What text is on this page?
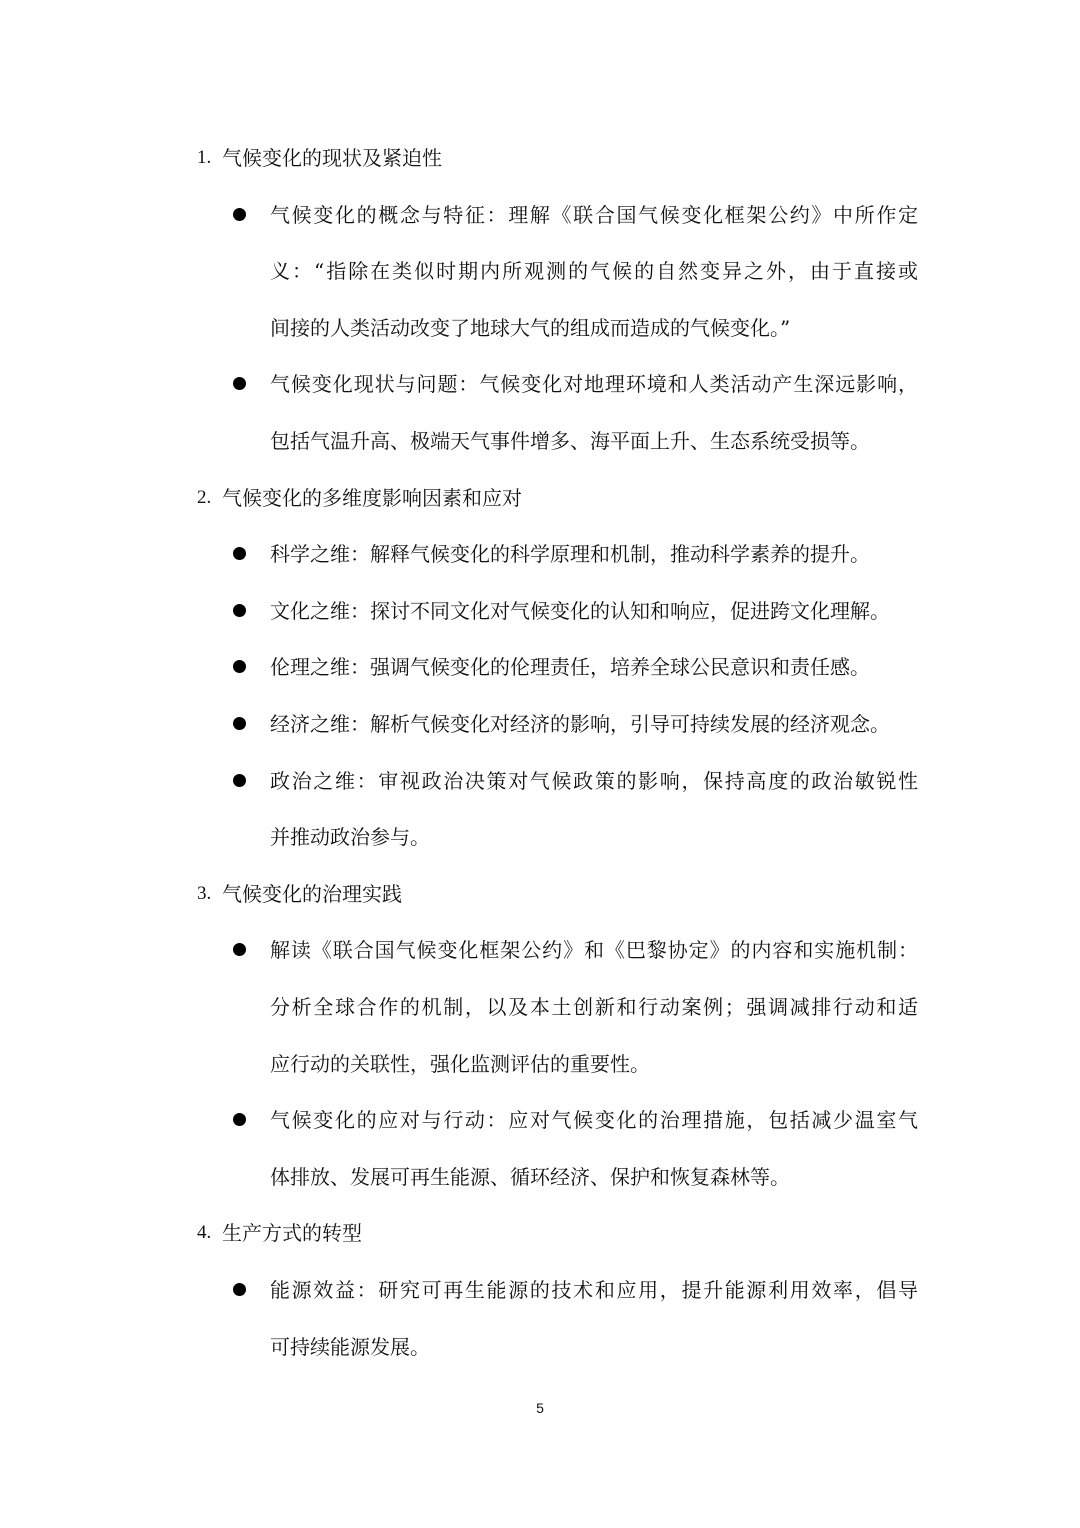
1. 气候变化的现状及紧迫性
气候变化的概念与特征：理解《联合国气候变化框架公约》中所作定
义：“指除在类似时期内所观测的气候的自然变异之外，由于直接或
间接的人类活动改变了地球大气的组成而造成的气候变化。”
气候变化现状与问题：气候变化对地理环境和人类活动产生深远影响，
包括气温升高、极端天气事件增多、海平面上升、生态系统受损等。
2. 气候变化的多维度影响因素和应对
科学之维：解释气候变化的科学原理和机制，推动科学素养的提升。
文化之维：探讨不同文化对气候变化的认知和响应，促进跨文化理解。
伦理之维：强调气候变化的伦理责任，培养全球公民意识和责任感。
经济之维：解析气候变化对经济的影响，引导可持续发展的经济观念。
政治之维：审视政治决策对气候政策的影响，保持高度的政治敏锐性
并推动政治参与。
3. 气候变化的治理实践
解读《联合国气候变化框架公约》和《巴黎协定》的内容和实施机制：
分析全球合作的机制，以及本土创新和行动案例；强调减排行动和适
应行动的关联性，强化监测评估的重要性。
气候变化的应对与行动：应对气候变化的治理措施，包括减少温室气
体排放、发展可再生能源、循环经济、保护和恢复森林等。
4. 生产方式的转型
能源效益：研究可再生能源的技术和应用，提升能源利用效率，倡导
可持续能源发展。
5
